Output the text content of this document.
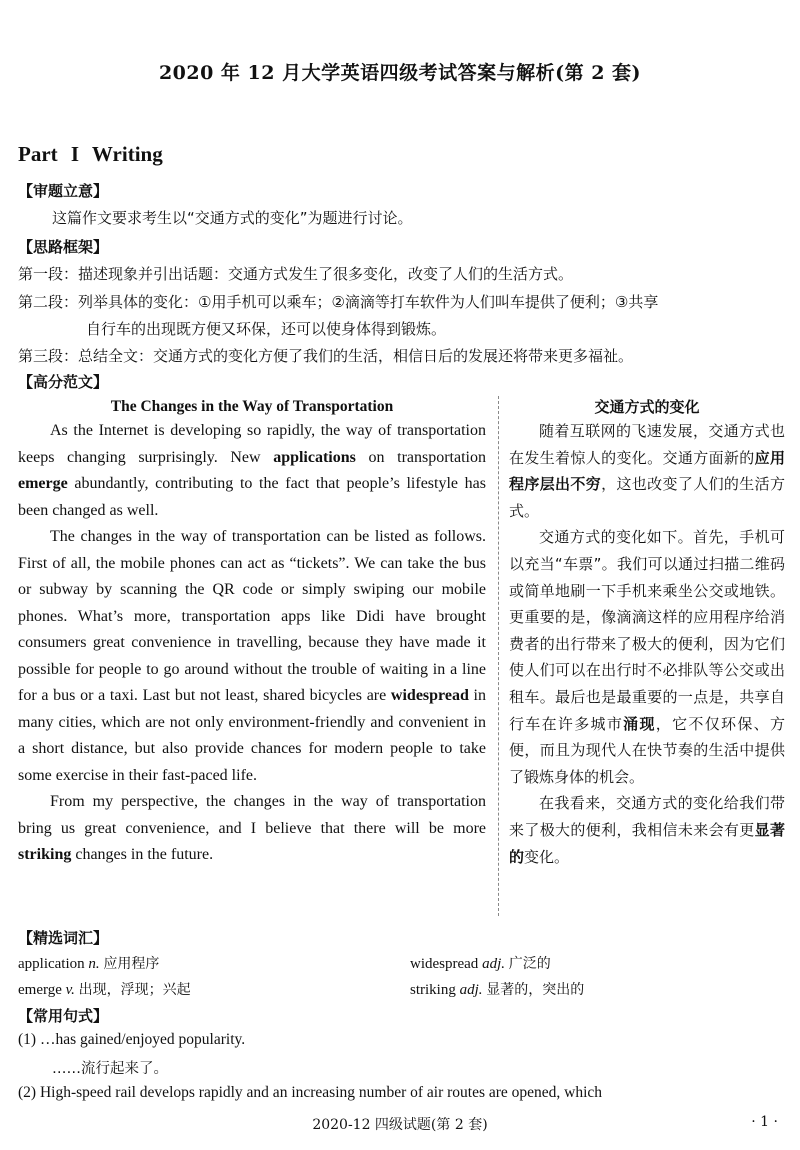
2020 年 12 月大学英语四级考试答案与解析(第 2 套)
Part I Writing
【审题立意】
这篇作文要求考生以“交通方式的变化”为题进行讨论。
【思路框架】
第一段：描述现象并引出话题：交通方式发生了很多变化，改变了人们的生活方式。
第二段：列举具体的变化：①用手机可以乘车；②滴滴等打车软件为人们叫车提供了便利；③共享
自行车的出现既方便又环保，还可以使身体得到锻炼。
第三段：总结全文：交通方式的变化方便了我们的生活，相信日后的发展还将带来更多福祉。
【高分范文】
The Changes in the Way of Transportation

As the Internet is developing so rapidly, the way of transportation keeps changing surprisingly. New applications on transportation emerge abundantly, contributing to the fact that people’s lifestyle has been changed as well.

The changes in the way of transportation can be listed as follows. First of all, the mobile phones can act as “tickets”. We can take the bus or subway by scanning the QR code or simply swiping our mobile phones. What’s more, transportation apps like Didi have brought consumers great convenience in travelling, because they have made it possible for people to go around without the trouble of waiting in a line for a bus or a taxi. Last but not least, shared bicycles are widespread in many cities, which are not only environment-friendly and convenient in a short distance, but also provide chances for modern people to take some exercise in their fast-paced life.

From my perspective, the changes in the way of transportation bring us great convenience, and I believe that there will be more striking changes in the future.

交通方式的变化

随着互联网的飞速发展，交通方式也在发生着惊人的变化。交通方面新的应用程序层出不穷，这也改变了人们的生活方式。

交通方式的变化如下。首先，手机可以充当“车票”。我们可以通过扫描二维码或简单地刷一下手机来乘坐公交或地铁。更重要的是，像滴滴这样的应用程序给消费者的出行带来了极大的便利，因为它们使人们可以在出行时不必排队等公交或出租车。最后也是最重要的一点是，共享自行车在许多城市涌现，它不仅环保、方便，而且为现代人在快节奏的生活中提供了锻炼身体的机会。

在我看来，交通方式的变化给我们带来了极大的便利，我相信未来会有更显著的变化。

【精选词汇】
application n. 应用程序	widespread adj. 广泛的
emerge v. 出现，浮现；兴起	striking adj. 显著的，突出的
【常用句式】
(1) …has gained/enjoyed popularity.
……流行起来了。
(2) High-speed rail develops rapidly and an increasing number of air routes are opened, which
2020-12 四级试题(第 2 套)	· 1 ·
